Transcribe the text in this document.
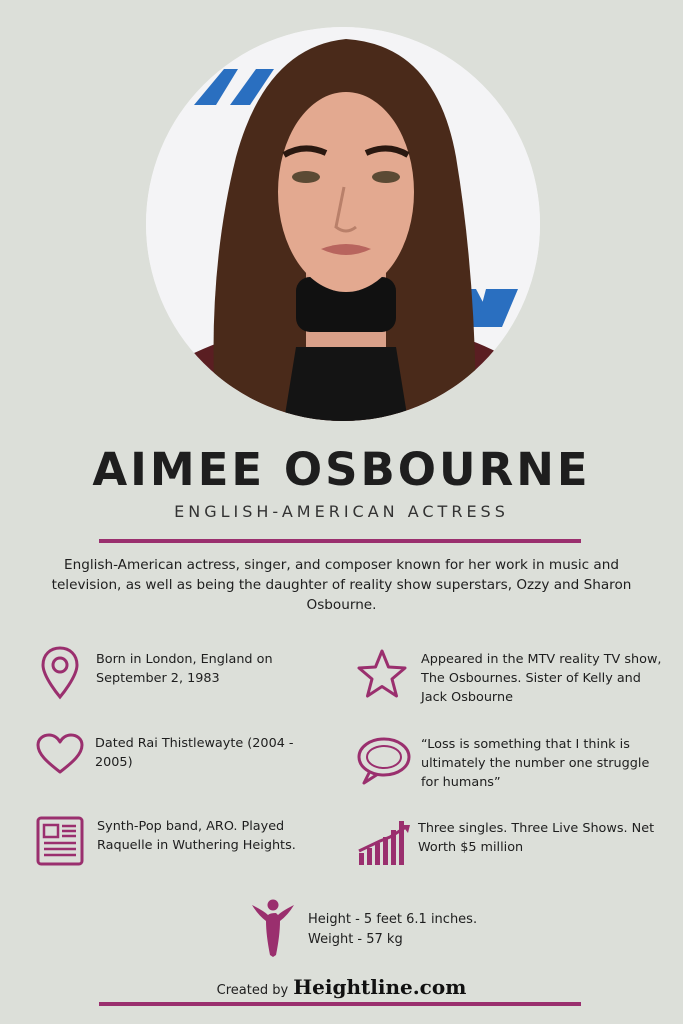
AIMEE OSBOURNE
ENGLISH-AMERICAN ACTRESS
English-American actress, singer, and composer known for her work in music and television, as well as being the daughter of reality show superstars, Ozzy and Sharon Osbourne.
Born in London, England on September 2, 1983
Appeared in the MTV reality TV show, The Osbournes. Sister of Kelly and Jack Osbourne
Dated Rai Thistlewayte (2004 - 2005)
“Loss is something that I think is ultimately the number one struggle for humans”
Synth-Pop band, ARO. Played Raquelle in Wuthering Heights.
Three singles. Three Live Shows. Net Worth $5 million
Height - 5 feet 6.1 inches.
Weight - 57 kg
Created by Heightline.com
